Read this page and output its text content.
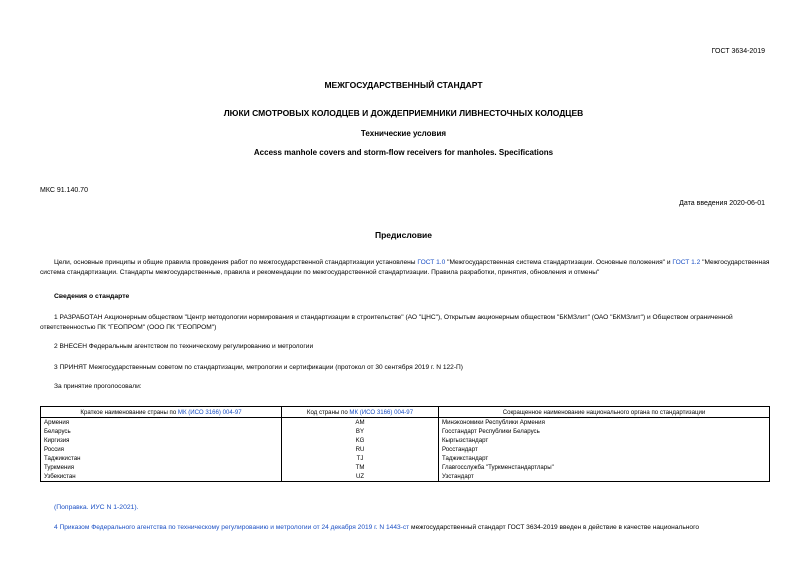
ГОСТ 3634-2019
МЕЖГОСУДАРСТВЕННЫЙ СТАНДАРТ
ЛЮКИ СМОТРОВЫХ КОЛОДЦЕВ И ДОЖДЕПРИЕМНИКИ ЛИВНЕСТОЧНЫХ КОЛОДЦЕВ
Технические условия
Access manhole covers and storm-flow receivers for manholes. Specifications
МКС 91.140.70
Дата введения 2020-06-01
Предисловие
Цели, основные принципы и общие правила проведения работ по межгосударственной стандартизации установлены ГОСТ 1.0 "Межгосударственная система стандартизации. Основные положения" и ГОСТ 1.2 "Межгосударственная система стандартизации. Стандарты межгосударственные, правила и рекомендации по межгосударственной стандартизации. Правила разработки, принятия, обновления и отмены"
Сведения о стандарте
1 РАЗРАБОТАН Акционерным обществом "Центр методологии нормирования и стандартизации в строительстве" (АО "ЦНС"), Открытым акционерным обществом "БКМЗлит" (ОАО "БКМЗлит") и Обществом ограниченной ответственностью ПК "ГЕОПРОМ" (ООО ПК "ГЕОПРОМ")
2 ВНЕСЕН Федеральным агентством по техническому регулированию и метрологии
3 ПРИНЯТ Межгосударственным советом по стандартизации, метрологии и сертификации (протокол от 30 сентября 2019 г. N 122-П)
За принятие проголосовали:
Краткое наименование страны по МК (ИСО 3166) 004-97	Код страны по МК (ИСО 3166) 004-97	Сокращенное наименование национального органа по стандартизации
Армения	AM	Минэкономики Республики Армения
Беларусь	BY	Госстандарт Республики Беларусь
Киргизия	KG	Кыргызстандарт
Россия	RU	Росстандарт
Таджикистан	TJ	Таджикстандарт
Туркмения	TM	Главгосслужба "Туркменстандартлары"
Узбекистан	UZ	Узстандарт
(Поправка. ИУС N 1-2021).
4 Приказом Федерального агентства по техническому регулированию и метрологии от 24 декабря 2019 г. N 1443-ст межгосударственный стандарт ГОСТ 3634-2019 введен в действие в качестве национального
